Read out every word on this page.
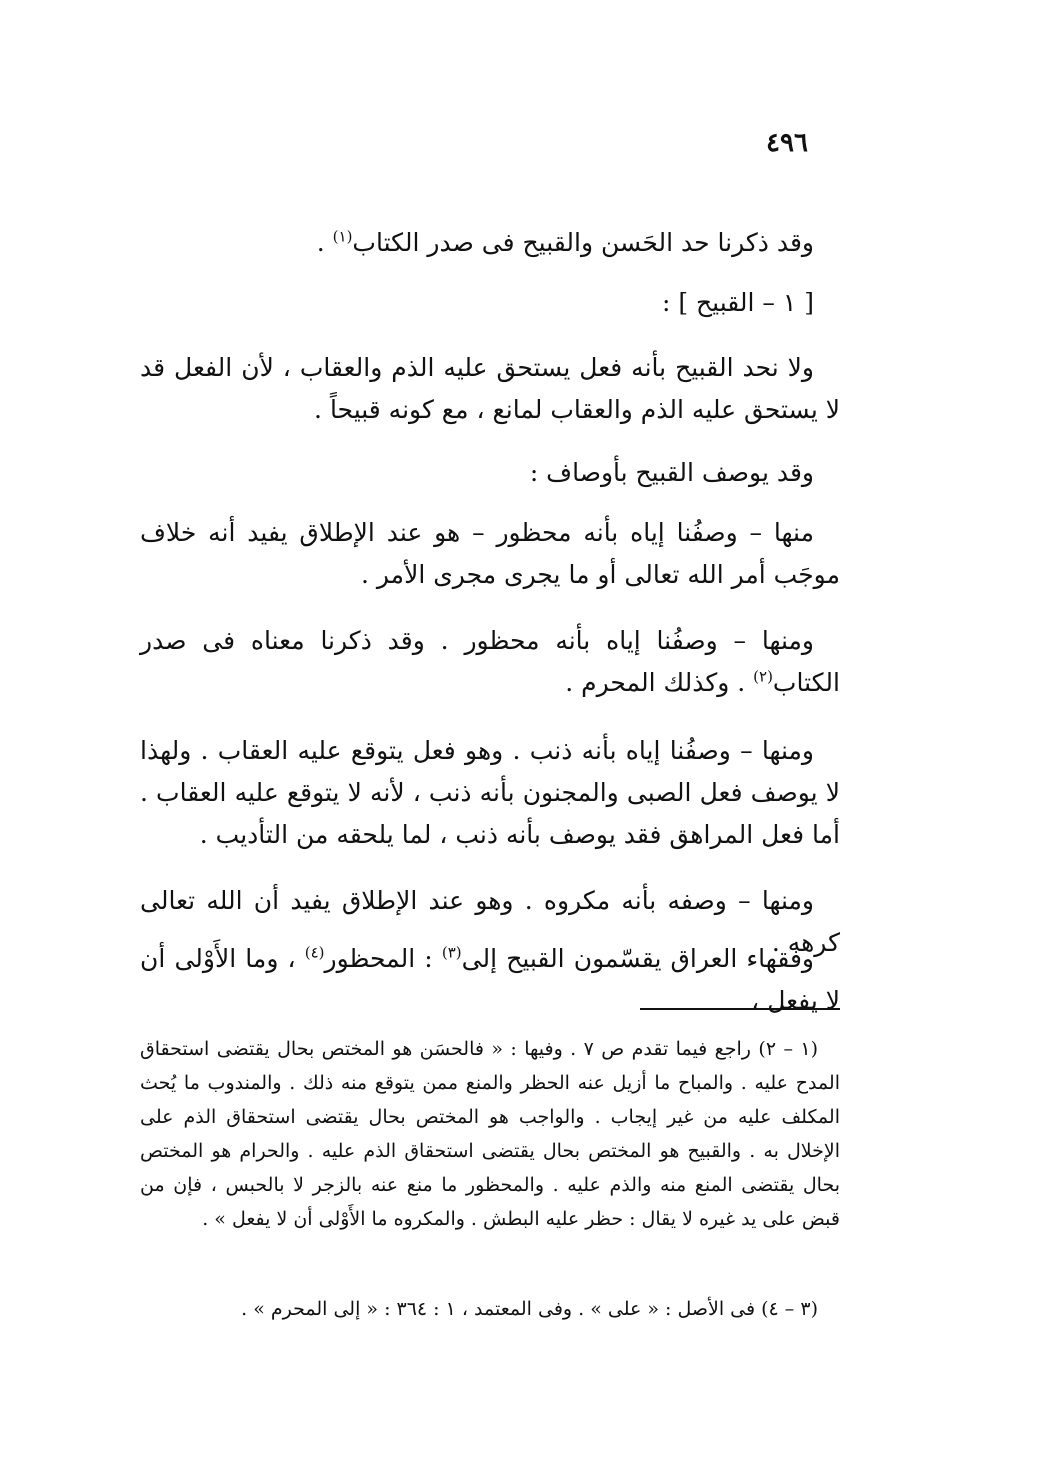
٤٩٦

وقد ذكرنا حد الحَسن والقبيح فى صدر الكتاب$^{(١)}$ .

[ ١ – القبيح ] :

ولا نحد القبيح بأنه فعل يستحق عليه الذم والعقاب ، لأن الفعل قد لا يستحق عليه الذم والعقاب لمانع ، مع كونه قبيحاً .

وقد يوصف القبيح بأوصاف :

منها – وصفُنا إياه بأنه محظور – هو عند الإطلاق يفيد أنه خلاف موجَب أمر الله تعالى أو ما يجرى مجرى الأمر .

ومنها – وصفُنا إياه بأنه محظور . وقد ذكرنا معناه فى صدر الكتاب$^{(٢)}$ . وكذلك المحرم .

ومنها – وصفُنا إياه بأنه ذنب . وهو فعل يتوقع عليه العقاب . ولهذا لا يوصف فعل الصبى والمجنون بأنه ذنب ، لأنه لا يتوقع عليه العقاب . أما فعل المراهق فقد يوصف بأنه ذنب ، لما يلحقه من التأديب .

ومنها – وصفه بأنه مكروه . وهو عند الإطلاق يفيد أن الله تعالى كرهه .

وفقهاء العراق يقسّمون القبيح إلى$^{(٣)}$ : المحظور$^{(٤)}$ ، وما الأَوْلى أن لا يفعل ،

(١ – ٢) راجع فيما تقدم ص ٧ . وفيها : « فالحسَن هو المختص بحال يقتضى استحقاق المدح عليه . والمباح ما أزيل عنه الحظر والمنع ممن يتوقع منه ذلك . والمندوب ما يُحث المكلف عليه من غير إيجاب . والواجب هو المختص بحال يقتضى استحقاق الذم على الإخلال به . والقبيح هو المختص بحال يقتضى استحقاق الذم عليه . والحرام هو المختص بحال يقتضى المنع منه والذم عليه . والمحظور ما منع عنه بالزجر لا بالحبس ، فإن من قبض على يد غيره لا يقال : حظر عليه البطش . والمكروه ما الأَوْلى أن لا يفعل » .

(٣ – ٤) فى الأصل : « على » . وفى المعتمد ، ١ : ٣٦٤ : « إلى المحرم » .
